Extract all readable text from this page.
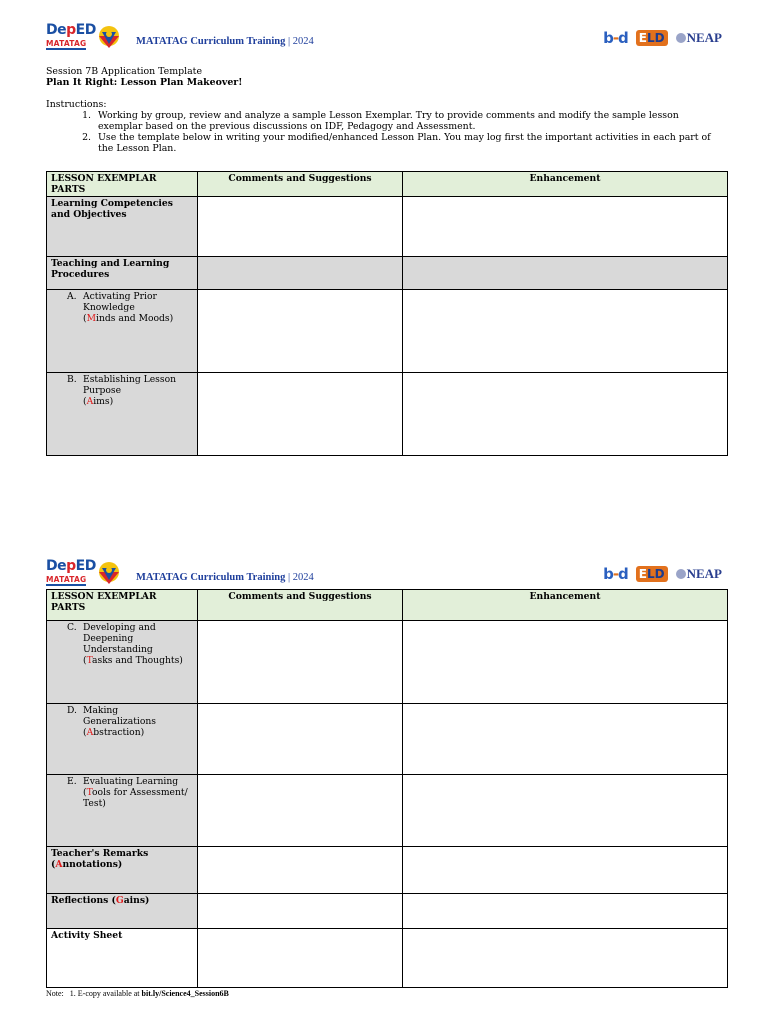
DepED
MATATAG	MATATAG Curriculum Training | 2024	b-d ELD	NEAP

Session 7B Application Template

Plan It Right: Lesson Plan Makeover!

Instructions:

1. Working by group, review and analyze a sample Lesson Exemplar. Try to provide comments and modify the sample lesson exemplar based on the previous discussions on IDF, Pedagogy and Assessment.
2. Use the template below in writing your modified/enhanced Lesson Plan. You may log first the important activities in each part of the Lesson Plan.
LESSON EXEMPLAR PARTS	Comments and Suggestions	Enhancement
Learning Competencies and Objectives		
Teaching and Learning Procedures		

A. Activating Prior Knowledge
(Minds and Moods)		

B. Establishing Lesson Purpose
(Aims)		

DepED
MATATAG	MATATAG Curriculum Training | 2024	b-d ELD	NEAP
LESSON EXEMPLAR PARTS	Comments and Suggestions	Enhancement

C. Developing and Deepening Understanding
(Tasks and Thoughts)		

D. Making Generalizations
(Abstraction)		

E. Evaluating Learning
(Tools for Assessment/ Test)		

Teacher's Remarks
(Annotations)		
Reflections (Gains)		
Activity Sheet		
Note: 1. E-copy available at bit.ly/Science4_Session6B
